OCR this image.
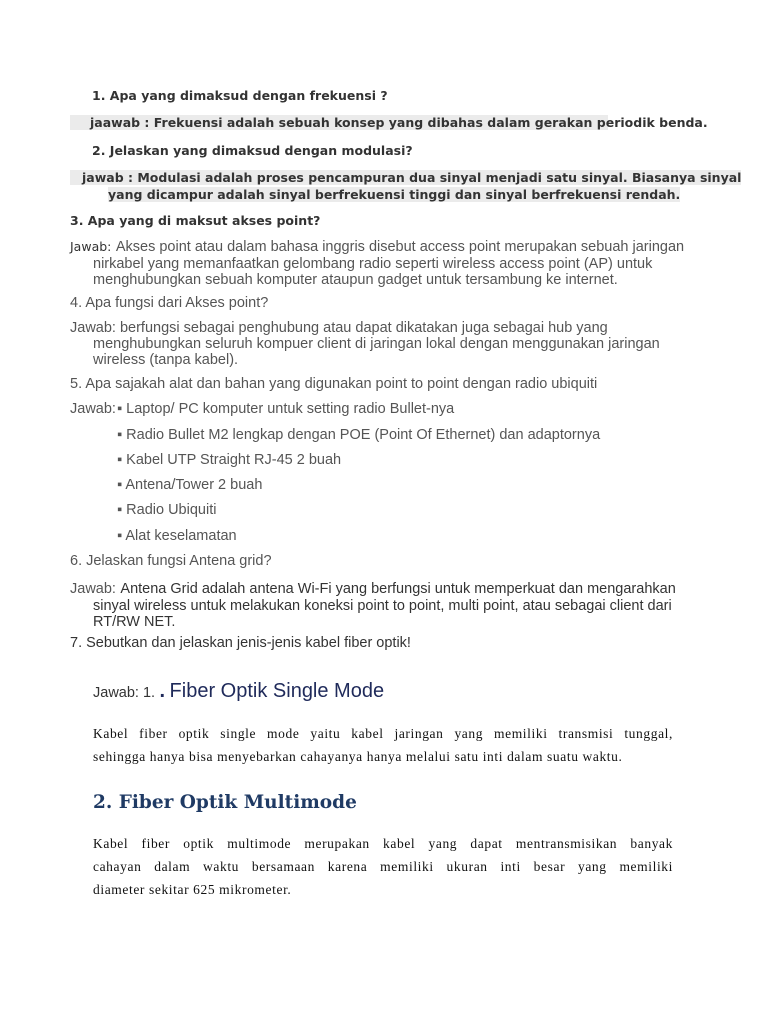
1. Apa yang dimaksud dengan frekuensi ?
jaawab : Frekuensi adalah sebuah konsep yang dibahas dalam gerakan periodik benda.
2. Jelaskan yang dimaksud dengan modulasi?
jawab : Modulasi adalah proses pencampuran dua sinyal menjadi satu sinyal. Biasanya sinyal
yang dicampur adalah sinyal berfrekuensi tinggi dan sinyal berfrekuensi rendah.
3. Apa yang di maksut akses point?
Jawab: Akses point atau dalam bahasa inggris disebut access point merupakan sebuah jaringan
nirkabel yang memanfaatkan gelombang radio seperti wireless access point (AP) untuk
menghubungkan sebuah komputer ataupun gadget untuk tersambung ke internet.
4. Apa fungsi dari Akses point?
Jawab: berfungsi sebagai penghubung atau dapat dikatakan juga sebagai hub yang
menghubungkan seluruh kompuer client di jaringan lokal dengan menggunakan jaringan
wireless (tanpa kabel).
5. Apa sajakah alat dan bahan yang digunakan point to point dengan radio ubiquiti
Jawab: ▪ Laptop/ PC komputer untuk setting radio Bullet-nya
▪ Radio Bullet M2 lengkap dengan POE (Point Of Ethernet) dan adaptornya
▪ Kabel UTP Straight RJ-45 2 buah
▪ Antena/Tower 2 buah
▪ Radio Ubiquiti
▪ Alat keselamatan
6. Jelaskan fungsi Antena grid?
Jawab: Antena Grid adalah antena Wi-Fi yang berfungsi untuk memperkuat dan mengarahkan
sinyal wireless untuk melakukan koneksi point to point, multi point, atau sebagai client dari
RT/RW NET.
7. Sebutkan dan jelaskan jenis-jenis kabel fiber optik!
Jawab: 1. . Fiber Optik Single Mode
Kabel fiber optik single mode yaitu kabel jaringan yang memiliki transmisi tunggal,
sehingga hanya bisa menyebarkan cahayanya hanya melalui satu inti dalam suatu waktu.
2. Fiber Optik Multimode
Kabel fiber optik multimode merupakan kabel yang dapat mentransmisikan banyak
cahayan dalam waktu bersamaan karena memiliki ukuran inti besar yang memiliki
diameter sekitar 625 mikrometer.
